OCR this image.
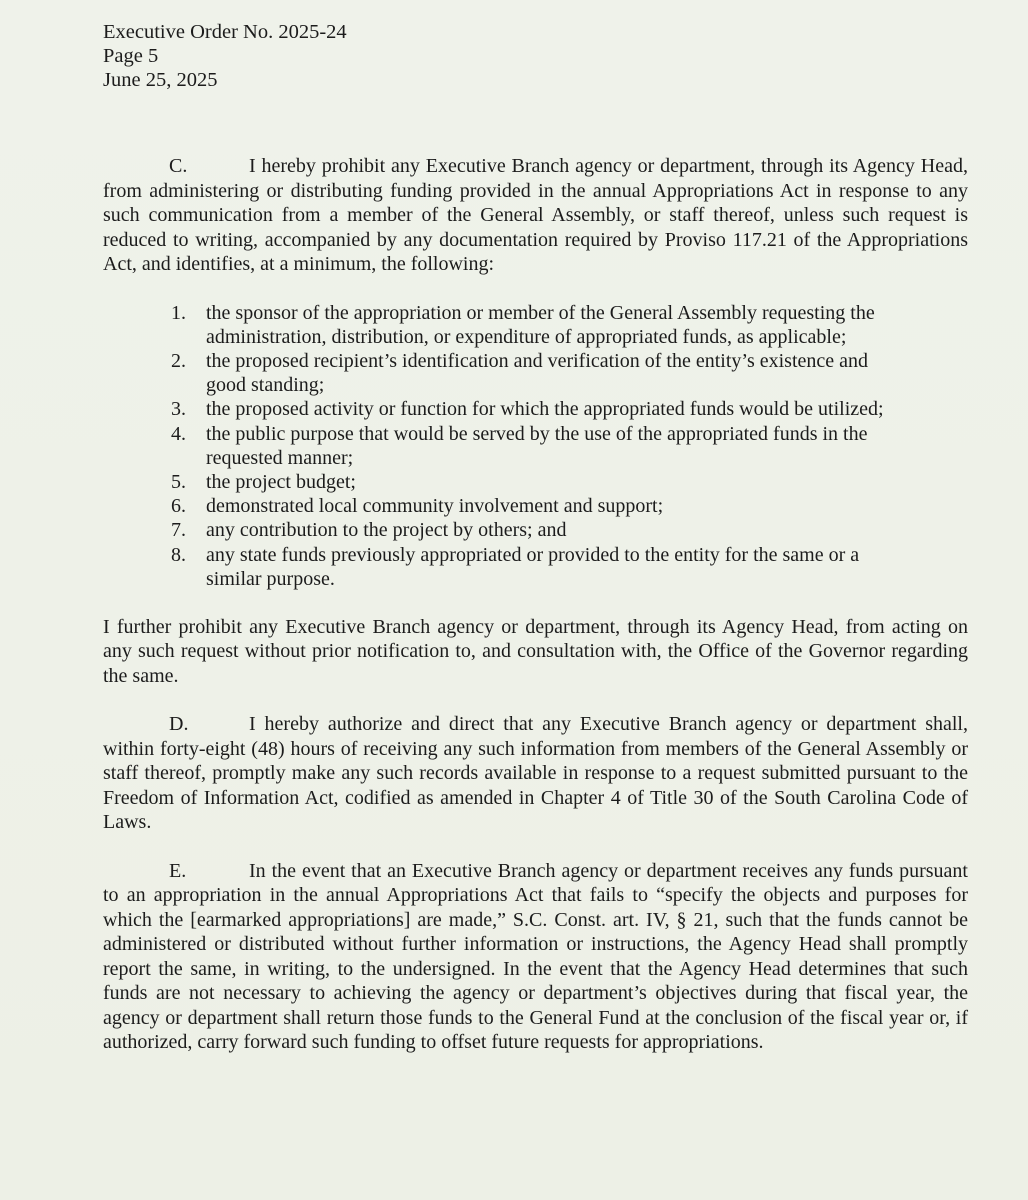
Executive Order No. 2025-24
Page 5
June 25, 2025

C.	I hereby prohibit any Executive Branch agency or department, through its Agency Head, from administering or distributing funding provided in the annual Appropriations Act in response to any such communication from a member of the General Assembly, or staff thereof, unless such request is reduced to writing, accompanied by any documentation required by Proviso 117.21 of the Appropriations Act, and identifies, at a minimum, the following:

1. the sponsor of the appropriation or member of the General Assembly requesting the administration, distribution, or expenditure of appropriated funds, as applicable;
2. the proposed recipient’s identification and verification of the entity’s existence and good standing;
3. the proposed activity or function for which the appropriated funds would be utilized;
4. the public purpose that would be served by the use of the appropriated funds in the requested manner;
5. the project budget;
6. demonstrated local community involvement and support;
7. any contribution to the project by others; and
8. any state funds previously appropriated or provided to the entity for the same or a similar purpose.

I further prohibit any Executive Branch agency or department, through its Agency Head, from acting on any such request without prior notification to, and consultation with, the Office of the Governor regarding the same.

D.	I hereby authorize and direct that any Executive Branch agency or department shall, within forty-eight (48) hours of receiving any such information from members of the General Assembly or staff thereof, promptly make any such records available in response to a request submitted pursuant to the Freedom of Information Act, codified as amended in Chapter 4 of Title 30 of the South Carolina Code of Laws.

E.	In the event that an Executive Branch agency or department receives any funds pursuant to an appropriation in the annual Appropriations Act that fails to “specify the objects and purposes for which the [earmarked appropriations] are made,” S.C. Const. art. IV, § 21, such that the funds cannot be administered or distributed without further information or instructions, the Agency Head shall promptly report the same, in writing, to the undersigned. In the event that the Agency Head determines that such funds are not necessary to achieving the agency or department’s objectives during that fiscal year, the agency or department shall return those funds to the General Fund at the conclusion of the fiscal year or, if authorized, carry forward such funding to offset future requests for appropriations.
